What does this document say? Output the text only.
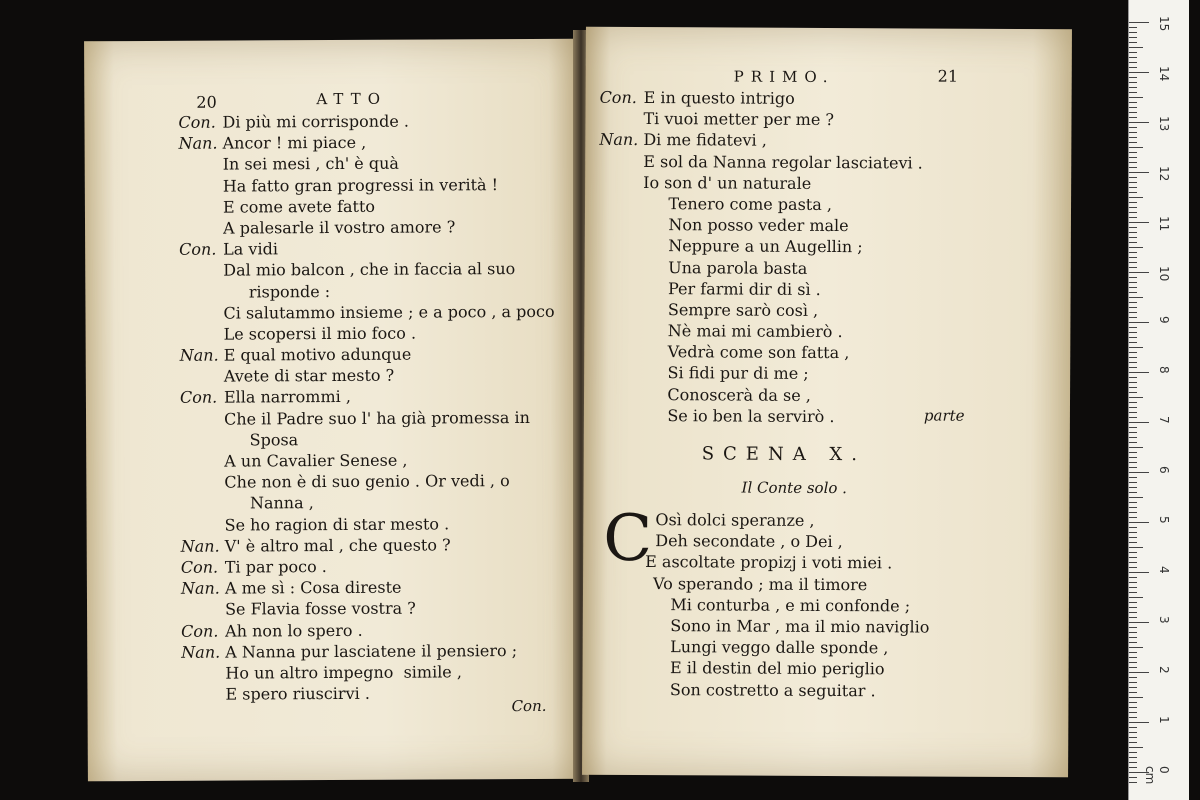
20	ATTO
Con. Di più mi corrisponde .
Nan. Ancor ! mi piace ,
In sei mesi , ch' è quà
Ha fatto gran progressi in verità !
E come avete fatto
A palesarle il vostro amore ?
Con. La vidi
Dal mio balcon , che in faccia al suo
risponde :
Ci salutammo insieme ; e a poco , a poco
Le scopersi il mio foco .
Nan. E qual motivo adunque
Avete di star mesto ?
Con. Ella narrommi ,
Che il Padre suo l' ha già promessa in
Sposa
A un Cavalier Senese ,
Che non è di suo genio . Or vedi , o
Nanna ,
Se ho ragion di star mesto .
Nan. V' è altro mal , che questo ?
Con. Ti par poco .
Nan. A me sì : Cosa direste
Se Flavia fosse vostra ?
Con. Ah non lo spero .
Nan. A Nanna pur lasciatene il pensiero ;
Ho un altro impegno  simile ,
E spero riuscirvi .
Con.
PRIMO.	21
Con. E in questo intrigo
Ti vuoi metter per me ?
Nan. Di me fidatevi ,
E sol da Nanna regolar lasciatevi .
Io son d' un naturale
Tenero come pasta ,
Non posso veder male
Neppure a un Augellin ;
Una parola basta
Per farmi dir di sì .
Sempre sarò così ,
Nè mai mi cambierò .
Vedrà come son fatta ,
Si fidi pur di me ;
Conoscerà da se ,
Se io ben la servirò .	parte
SCENA X.
Il Conte solo .
C Osì dolci speranze ,
Deh secondate , o Dei ,
E ascoltate propizj i voti miei .
Vo sperando ; ma il timore
Mi conturba , e mi confonde ;
Sono in Mar , ma il mio naviglio
Lungi veggo dalle sponde ,
E il destin del mio periglio
Son costretto a seguitar .
15
14
13
12
11
10
9
8
7
6
5
4
3
2
1
0 cm
